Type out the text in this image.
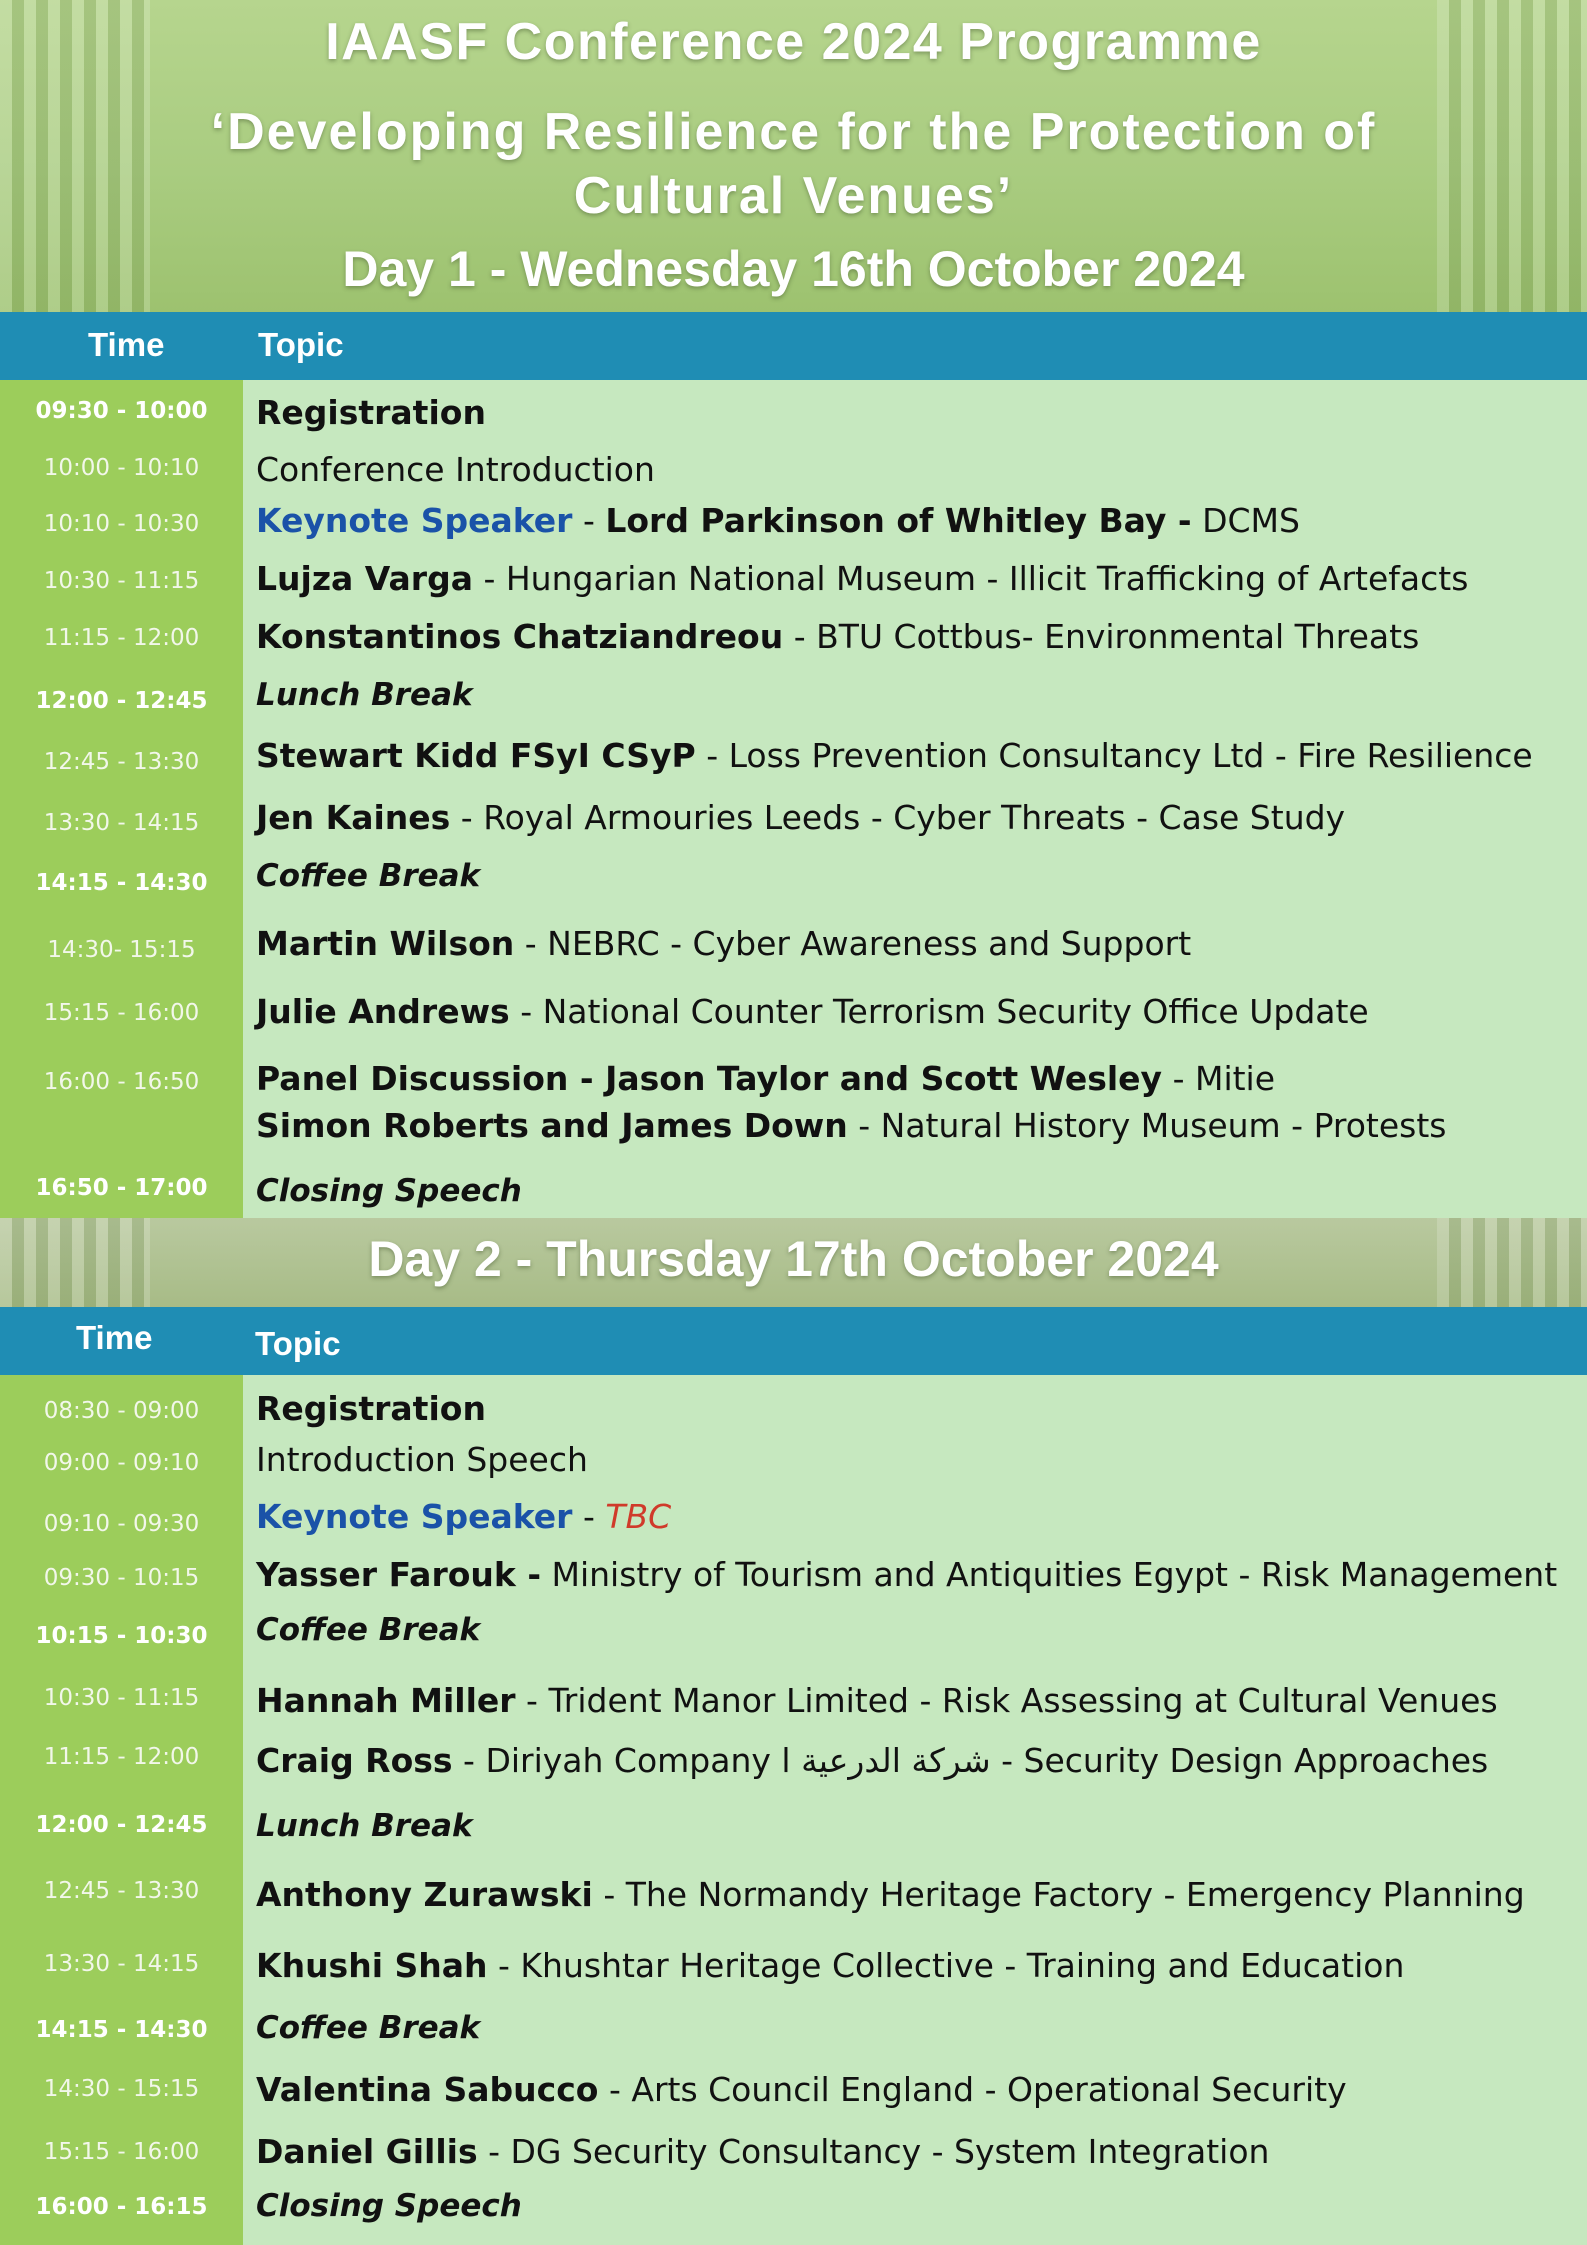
IAASF Conference 2024 Programme
‘Developing Resilience for the Protection of
Cultural Venues’
Day 1 - Wednesday 16th October 2024
Time	Topic
09:30 - 10:00	Registration
10:00 - 10:10	Conference Introduction
10:10 - 10:30	Keynote Speaker - Lord Parkinson of Whitley Bay - DCMS
10:30 - 11:15	Lujza Varga - Hungarian National Museum - Illicit Trafficking of Artefacts
11:15 - 12:00	Konstantinos Chatziandreou - BTU Cottbus- Environmental Threats
12:00 - 12:45	Lunch Break
12:45 - 13:30	Stewart Kidd FSyI CSyP - Loss Prevention Consultancy Ltd - Fire Resilience
13:30 - 14:15	Jen Kaines - Royal Armouries Leeds - Cyber Threats - Case Study
14:15 - 14:30	Coffee Break
14:30- 15:15	Martin Wilson - NEBRC - Cyber Awareness and Support
15:15 - 16:00	Julie Andrews - National Counter Terrorism Security Office Update
16:00 - 16:50	Panel Discussion - Jason Taylor and Scott Wesley - Mitie
Simon Roberts and James Down - Natural History Museum - Protests
16:50 - 17:00	Closing Speech
Day 2 - Thursday 17th October 2024
Time	Topic
08:30 - 09:00	Registration
09:00 - 09:10	Introduction Speech
09:10 - 09:30	Keynote Speaker - TBC
09:30 - 10:15	Yasser Farouk - Ministry of Tourism and Antiquities Egypt - Risk Management
10:15 - 10:30	Coffee Break
10:30 - 11:15	Hannah Miller - Trident Manor Limited - Risk Assessing at Cultural Venues
11:15 - 12:00	Craig Ross - Diriyah Company l شركة الدرعية - Security Design Approaches
12:00 - 12:45	Lunch Break
12:45 - 13:30	Anthony Zurawski - The Normandy Heritage Factory - Emergency Planning
13:30 - 14:15	Khushi Shah - Khushtar Heritage Collective - Training and Education
14:15 - 14:30	Coffee Break
14:30 - 15:15	Valentina Sabucco - Arts Council England - Operational Security
15:15 - 16:00	Daniel Gillis - DG Security Consultancy - System Integration
16:00 - 16:15	Closing Speech
